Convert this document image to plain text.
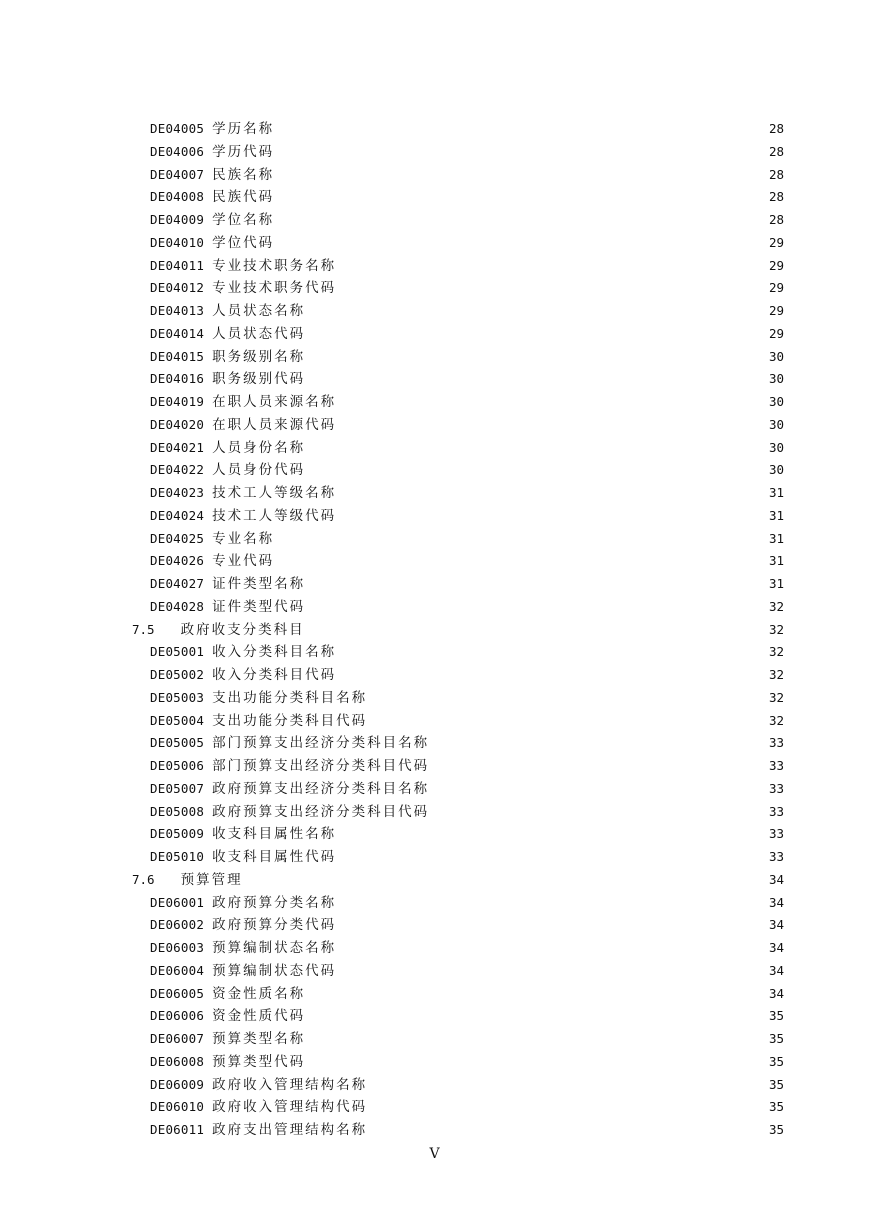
DE04005 学历名称	28
DE04006 学历代码	28
DE04007 民族名称	28
DE04008 民族代码	28
DE04009 学位名称	28
DE04010 学位代码	29
DE04011 专业技术职务名称	29
DE04012 专业技术职务代码	29
DE04013 人员状态名称	29
DE04014 人员状态代码	29
DE04015 职务级别名称	30
DE04016 职务级别代码	30
DE04019 在职人员来源名称	30
DE04020 在职人员来源代码	30
DE04021 人员身份名称	30
DE04022 人员身份代码	30
DE04023 技术工人等级名称	31
DE04024 技术工人等级代码	31
DE04025 专业名称	31
DE04026 专业代码	31
DE04027 证件类型名称	31
DE04028 证件类型代码	32
7.5 政府收支分类科目	32
DE05001 收入分类科目名称	32
DE05002 收入分类科目代码	32
DE05003 支出功能分类科目名称	32
DE05004 支出功能分类科目代码	32
DE05005 部门预算支出经济分类科目名称	33
DE05006 部门预算支出经济分类科目代码	33
DE05007 政府预算支出经济分类科目名称	33
DE05008 政府预算支出经济分类科目代码	33
DE05009 收支科目属性名称	33
DE05010 收支科目属性代码	33
7.6 预算管理	34
DE06001 政府预算分类名称	34
DE06002 政府预算分类代码	34
DE06003 预算编制状态名称	34
DE06004 预算编制状态代码	34
DE06005 资金性质名称	34
DE06006 资金性质代码	35
DE06007 预算类型名称	35
DE06008 预算类型代码	35
DE06009 政府收入管理结构名称	35
DE06010 政府收入管理结构代码	35
DE06011 政府支出管理结构名称	35
V
